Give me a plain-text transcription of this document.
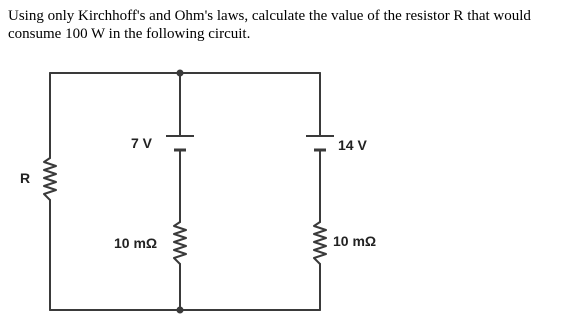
Using only Kirchhoff's and Ohm's laws, calculate the value of the resistor R that would consume 100 W in the following circuit.

R
7 V	14 V
10 mΩ	10 mΩ
